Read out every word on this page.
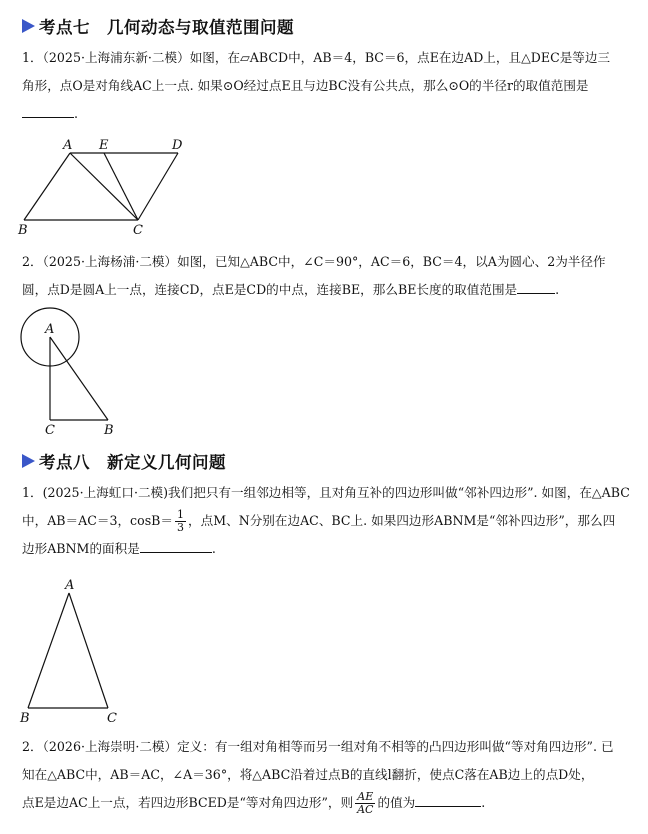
考点七　几何动态与取值范围问题
1．（2025·上海浦东新·二模）如图，在▱ABCD中，AB＝4，BC＝6，点E在边AD上，且△DEC是等边三
角形，点O是对角线AC上一点. 如果⊙O经过点E且与边BC没有公共点，那么⊙O的半径r的取值范围是
.
A E	D
B	C
A
C	B
A
B	C
2．（2025·上海杨浦·二模）如图，已知△ABC中，∠C＝90°，AC＝6，BC＝4，以A为圆心、2为半径作
圆，点D是圆A上一点，连接CD，点E是CD的中点，连接BE，那么BE长度的取值范围是	.
考点八　新定义几何问题
1．(2025·上海虹口·二模)我们把只有一组邻边相等，且对角互补的四边形叫做“邻补四边形”. 如图，在△ABC
中，AB＝AC＝3，$\cos B= \frac{1}{3}$ ，点M、N分别在边AC、BC上. 如果四边形ABNM是“邻补四边形”，那么四
边形ABNM的面积是	.
2．（2026·上海崇明·二模）定义：有一组对角相等而另一组对角不相等的凸四边形叫做“等对角四边形”. 已
知在△ABC中，AB＝AC，∠A＝36°，将△ABC沿着过点B的直线l翻折，使点C落在AB边上的点D处，
点E是边AC上一点，若四边形BCED是“等对角四边形”，则 $\frac{AE}{AC}$ 的值为	.
